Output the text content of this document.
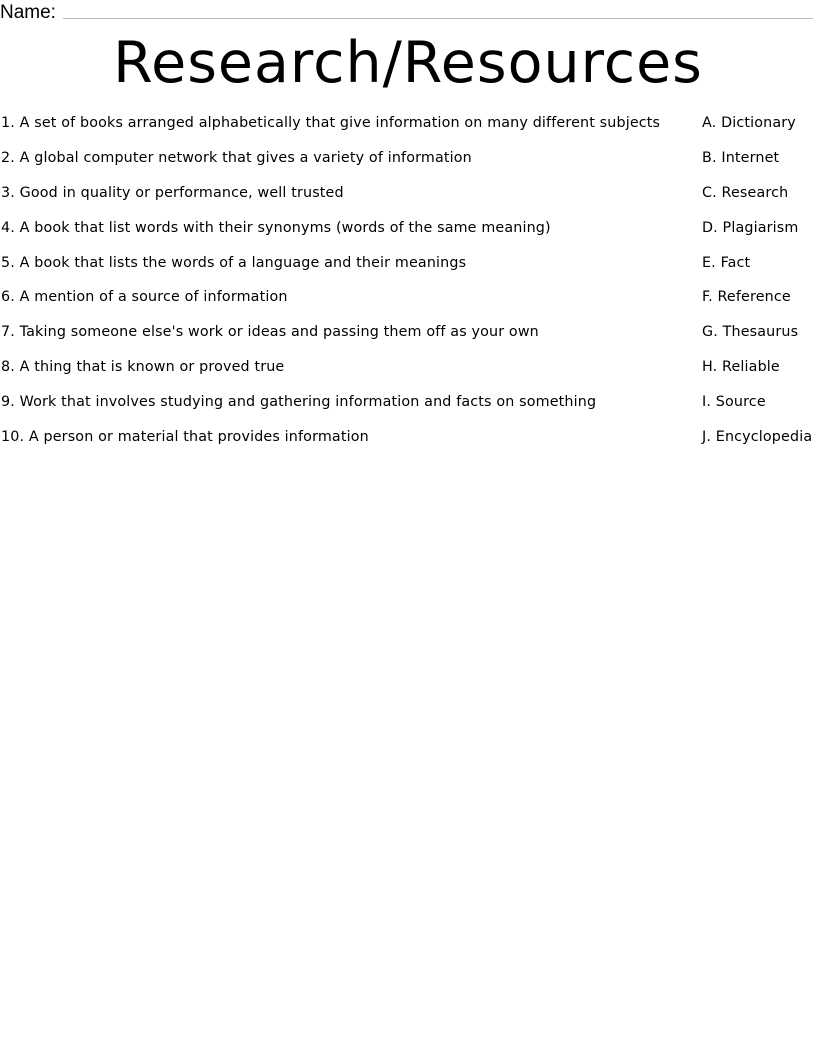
Name:
Research/Resources
1. A set of books arranged alphabetically that give information on many different subjects	A. Dictionary
2. A global computer network that gives a variety of information	B. Internet
3. Good in quality or performance, well trusted	C. Research
4. A book that list words with their synonyms (words of the same meaning)	D. Plagiarism
5. A book that lists the words of a language and their meanings	E. Fact
6. A mention of a source of information	F. Reference
7. Taking someone else's work or ideas and passing them off as your own	G. Thesaurus
8. A thing that is known or proved true	H. Reliable
9. Work that involves studying and gathering information and facts on something	I. Source
10. A person or material that provides information	J. Encyclopedia
